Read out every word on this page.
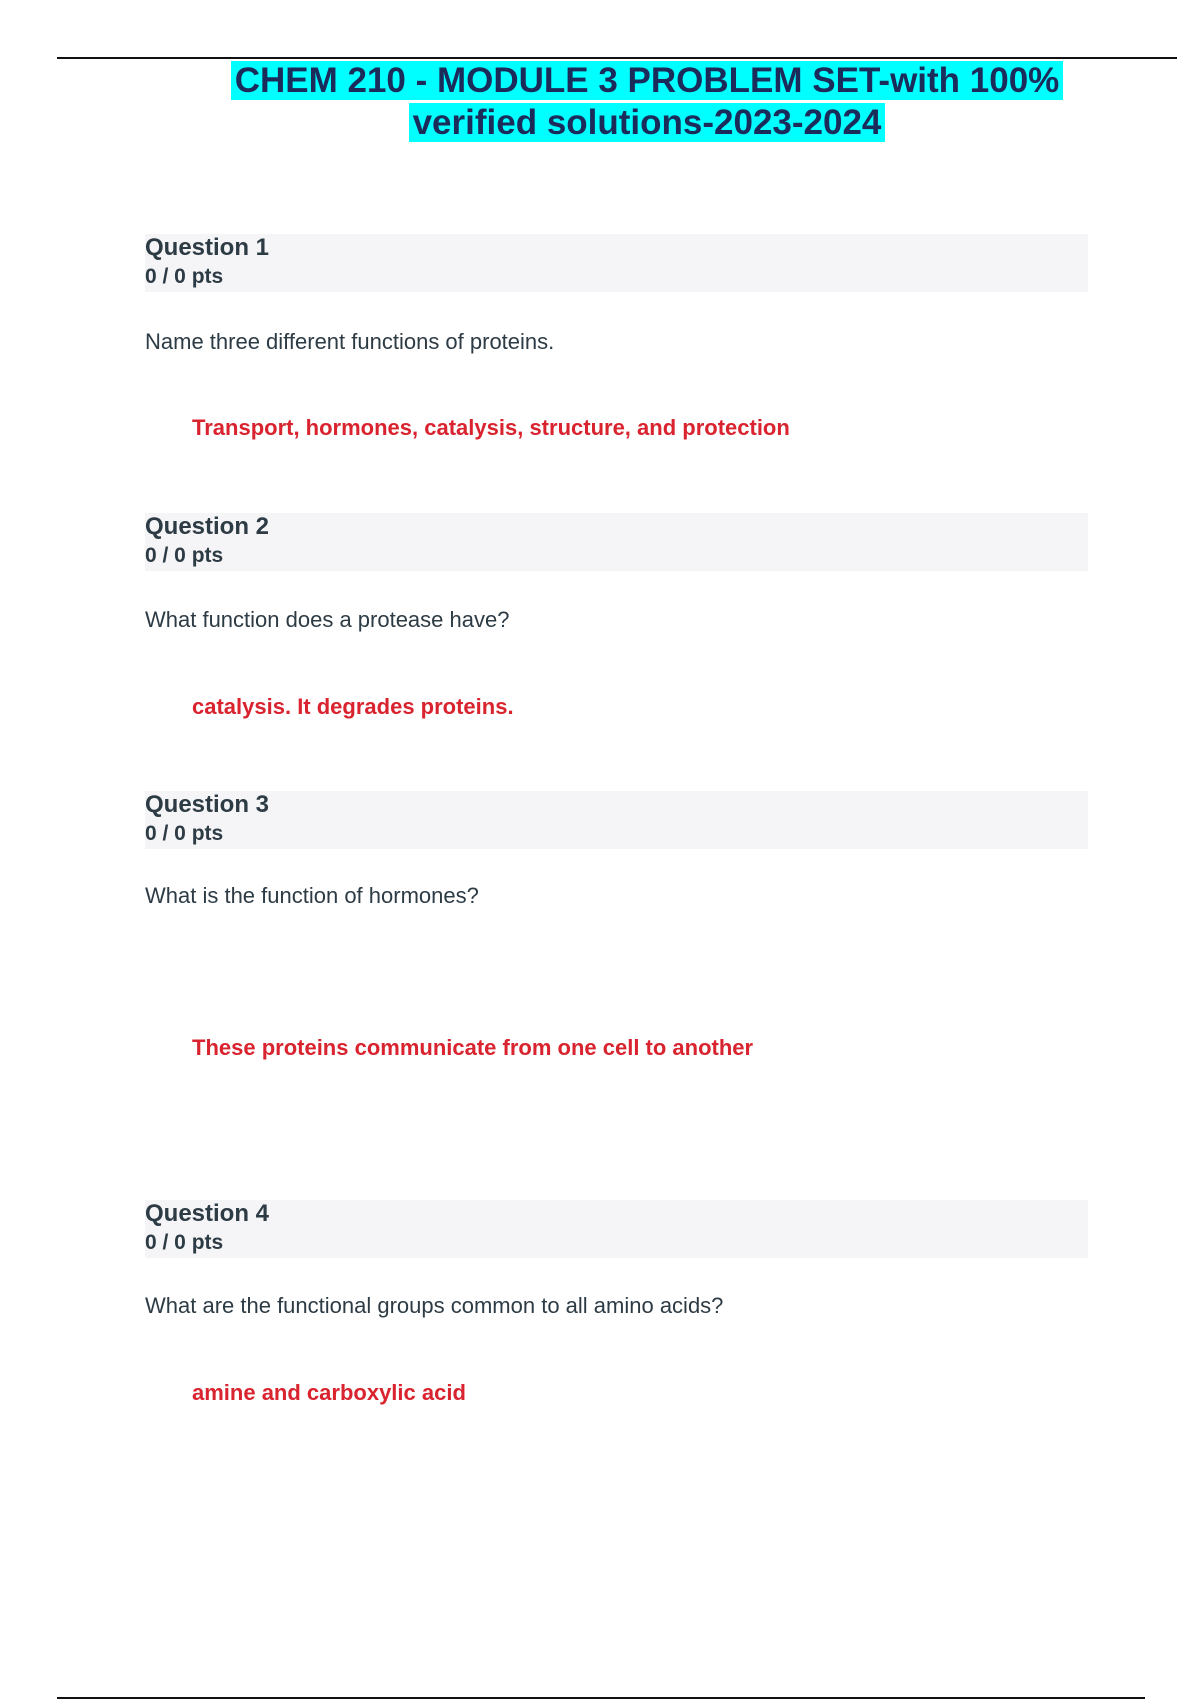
CHEM 210 - MODULE 3 PROBLEM SET-with 100%
verified solutions-2023-2024
Question 1
0 / 0 pts
Name three different functions of proteins.
Transport, hormones, catalysis, structure, and protection
Question 2
0 / 0 pts
What function does a protease have?
catalysis. It degrades proteins.
Question 3
0 / 0 pts
What is the function of hormones?
These proteins communicate from one cell to another
Question 4
0 / 0 pts
What are the functional groups common to all amino acids?
amine and carboxylic acid
